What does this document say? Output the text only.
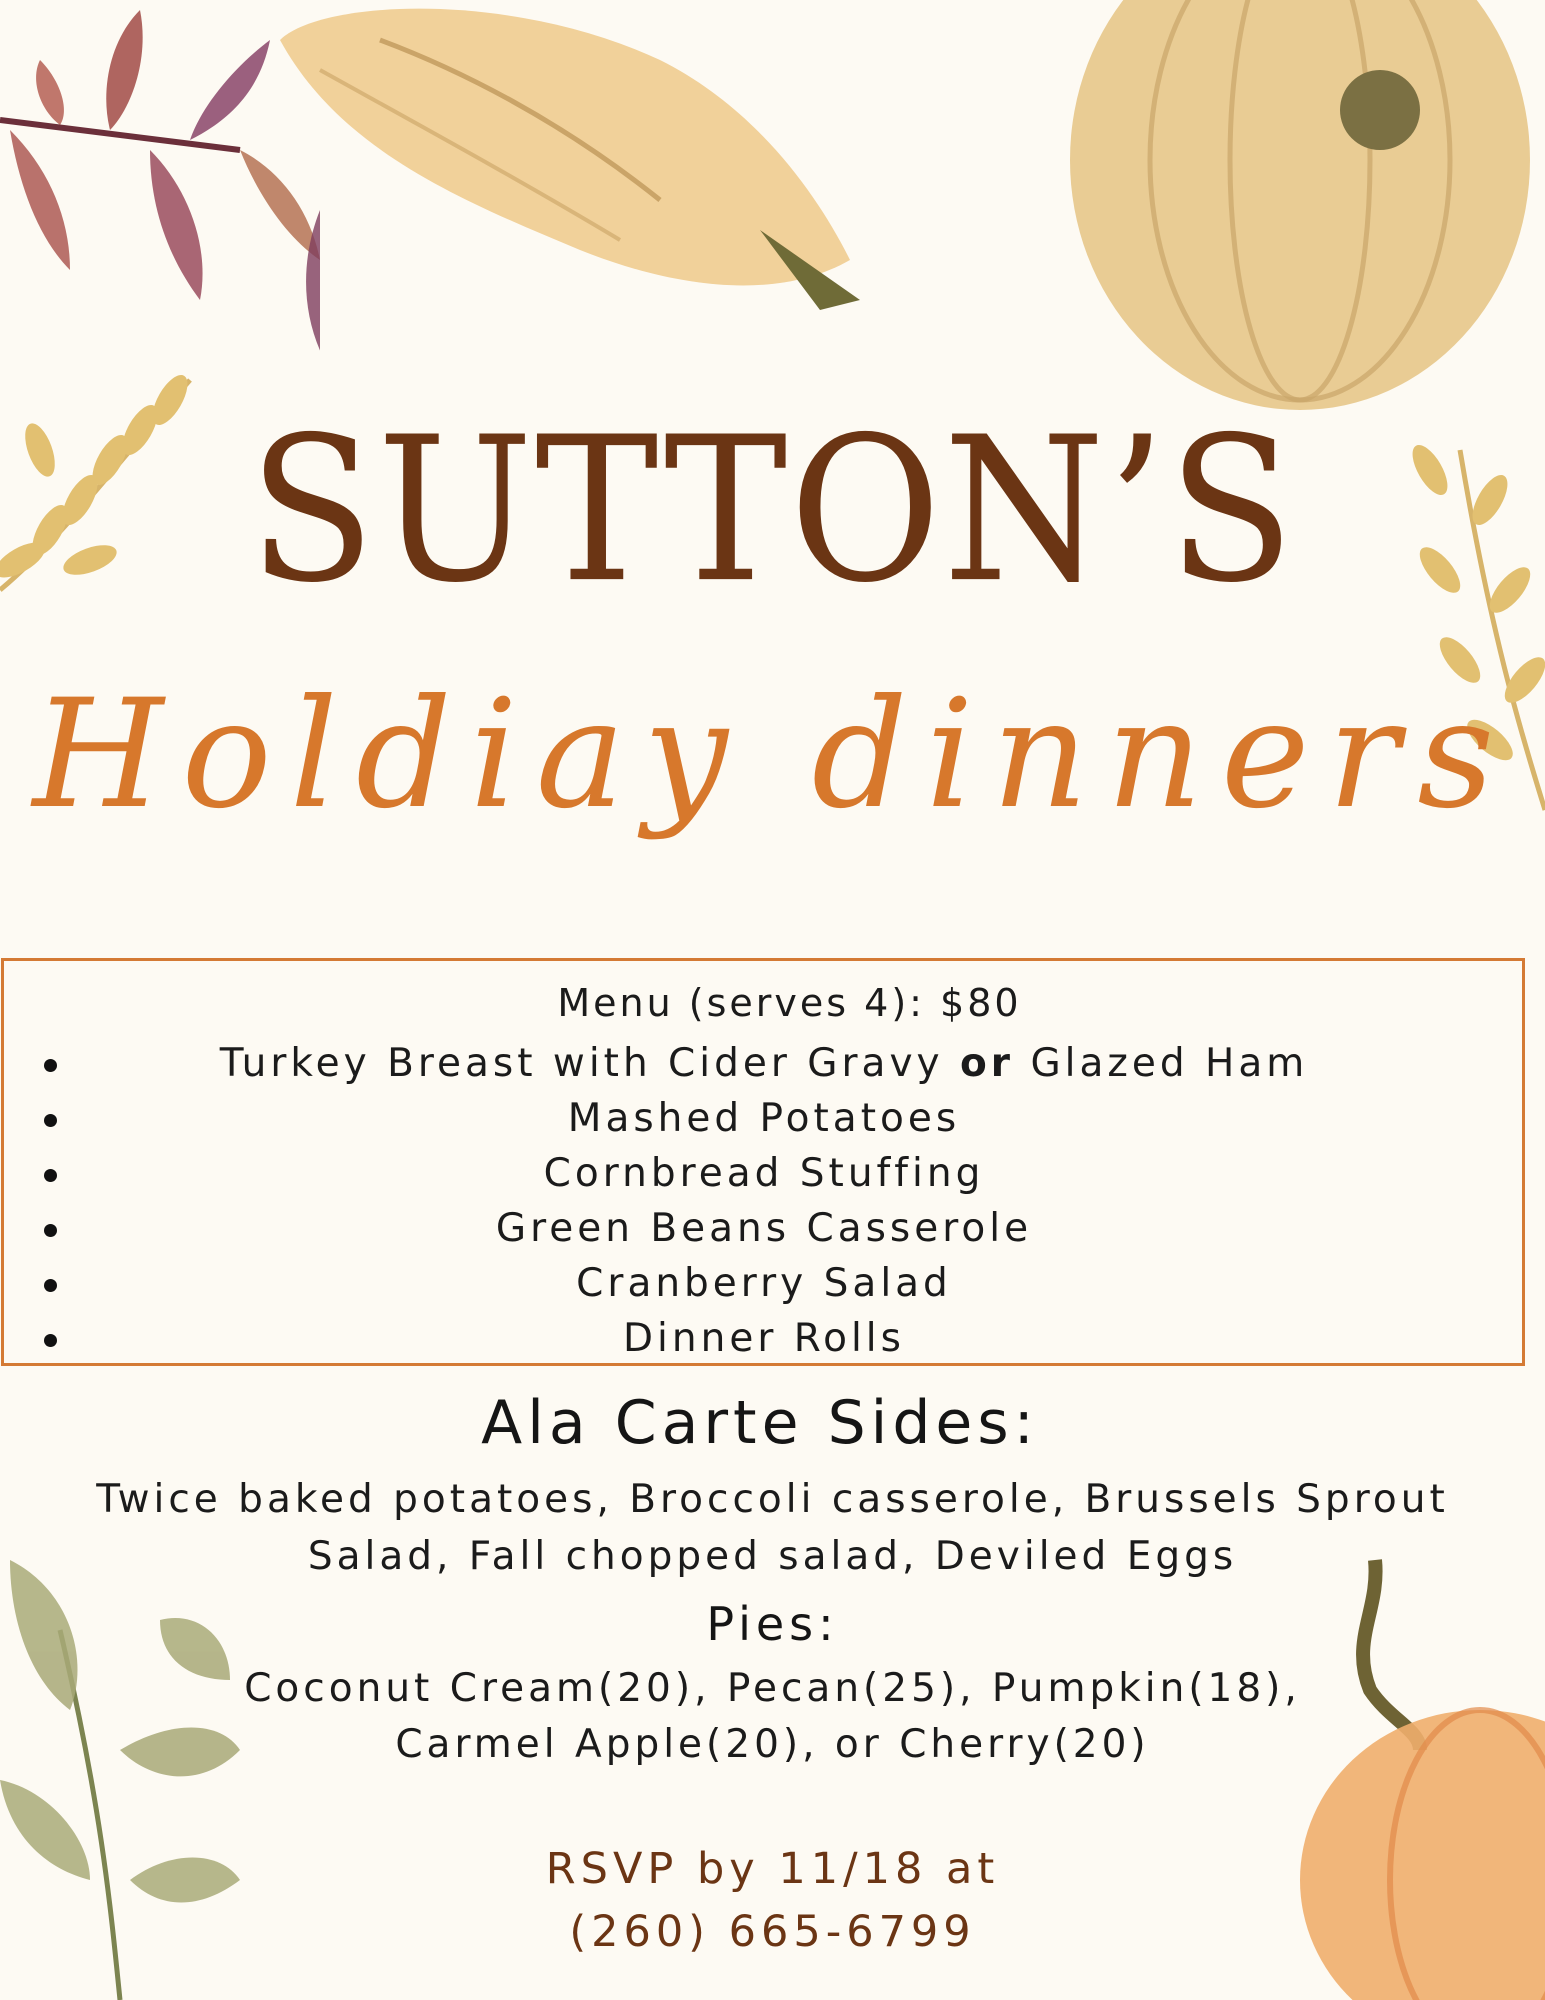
SUTTON’S
Holdiay dinners
Menu (serves 4): $80
Turkey Breast with Cider Gravy or Glazed Ham
Mashed Potatoes
Cornbread Stuffing
Green Beans Casserole
Cranberry Salad
Dinner Rolls
Ala Carte Sides:
Twice baked potatoes, Broccoli casserole, Brussels Sprout
Salad, Fall chopped salad, Deviled Eggs
Pies:
Coconut Cream(20), Pecan(25), Pumpkin(18),
Carmel Apple(20), or Cherry(20)
RSVP by 11/18 at
(260) 665-6799
